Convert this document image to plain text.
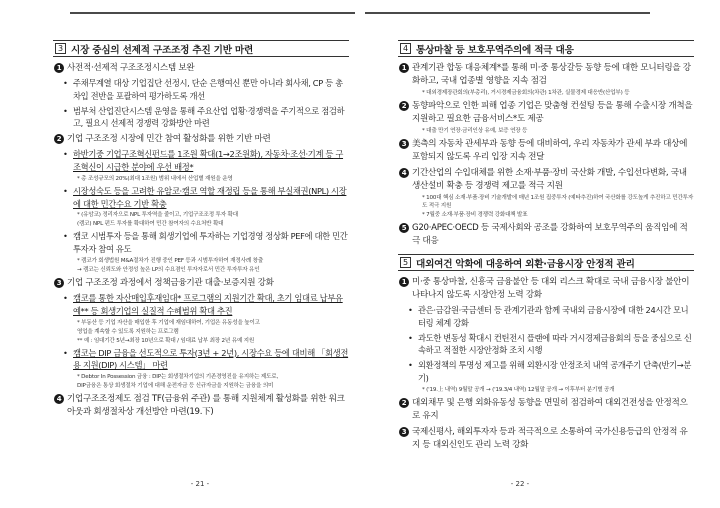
3 시장 중심의 선제적 구조조정 추진 기반 마련
1 사전적·선제적 구조조정시스템 보완
• 주채무계열 대상 기업집단 선정시, 단순 은행여신 뿐만 아니라 회사채, CP 등 총차입 전반을 포괄하여 평가하도록 개선
• 범부처 산업진단시스템 운영을 통해 주요산업 업황·경쟁력을 주기적으로 점검하고, 필요시 선제적 경쟁력 강화방안 마련
2 기업 구조조정 시장에 민간 참여 활성화를 위한 기반 마련
• 하반기중 기업구조혁신펀드를 1조원 확대(1→2조원화), 자동차·조선·기계 등 구조혁신이 시급한 분야에 우선 배정*
* 총 조성규모의 20%(최대 1조원) 범위 내에서 산업별 재원을 운영
• 시장성숙도 등을 고려한 유암코·캠코 역할 재정립 등을 통해 부실채권(NPL) 시장에 대한 민간수요 기반 확충
* (유암코) 정리자으로 NPL 투자역을 줄이고, 기업구조조정 투자 확대
(캠코) NPL 펀드 투자를 확대하여 민간 참여자의 수요처반 확대
• 캠코 시범투자 등을 통해 회생기업에 투자하는 기업경영 정상화 PEF에 대한 민간투자자 참여 유도
* 캠코가 회생법원 M&A절차가 진행 중인 PEF 등과 시범투자하여 재정사례 창출
→ 캠코는 신뢰도와 안정성 높은 LP의 수요겸인 투자자로서 민간 투자투자 유인
3 기업 구조조정 과정에서 정책금융기관 대출·보증지원 강화
• 캠코를 통한 자산매입후재임대* 프로그램의 지원기간 확대, 초기 임대료 납부유예** 등 회생기업의 실질적 수혜범위 확대 추진
* 부동산 등 기업 자산을 매입한 후 기업에 재임대하여, 기업은 유동성을 높이고
영업을 계속할 수 있도록 지원하는 프로그램
** 예 : 임대기간 5년→최장 10년으로 확대 / 임대료 납부 최장 2년 유예 지원
• 캠코는 DIP 금융을 선도적으로 투자(3년 + 2년), 시장수요 등에 대비해 「회생전용 지원(DIP) 시스템」 마련
* Debtor In Possession 금융 : DIP는 회생절차기업의 기존경영진을 유지하는 제도로,
DIP금융은 통상 회생절차 기업에 대해 운전자금 등 신규자금을 지원하는 금융을 의미
4 기업구조조정제도 점검 TF(금융위 주관) 를 통해 지원체계 활성화를 위한 워크아웃과 회생절차상 개선방안 마련(19.下)
- 21 -
4 통상마찰 등 보호무역주의에 적극 대응
1 관계기관 합동 대응체계*를 통해 미·중 통상갈등 동향 등에 대한 모니터링을 강화하고, 국내 업종별 영향을 지속 점검
* 대외경제장관회의(부총리), 거시경제금융회의(차관) 1차관, 실물경제 대응반(산업부) 등
2 동향파악으로 인한 피해 업종 기업은 맞춤형 컨설팅 등을 통해 수출시장 개척을 지원하고 필요한 금융서비스*도 제공
* 대출 만기 연장·금리인상 유예, 보증 연장 등
3 美측의 자동차 관세부과 동향 등에 대비하여, 우리 자동차가 관세 부과 대상에 포함되지 않도록 우리 입장 지속 전달
4 기간산업의 수입대체를 위한 소재·부품·장비 국산화 개발, 수입선다변화, 국내 생산설비 확충 등 경쟁력 제고를 적극 지원
* 100대 핵심 소재·부품·장비 기술개발에 매년 1조원 집중투자 (예타추진)하여 국산화를 강도높게 추진하고 민간투자도 적극 지원
* 7월중 소재·부품·장비 경쟁력 강화대책 발표
5 G20·APEC·OECD 등 국제사회와 공조를 강화하여 보호무역주의 움직임에 적극 대응
5 대외여건 악화에 대응하여 외환·금융시장 안정적 관리
1 미·중 통상마찰, 신흥국 금융불안 등 대외 리스크 확대로 국내 금융시장 불안이 나타나지 않도록 시장안정 노력 강화
• 관은·금감원·국금센터 등 관계기관과 함께 국내외 금융시장에 대한 24시간 모니터링 체계 강화
• 과도한 변동성 확대시 컨틴전시 플랜에 따라 거시경제금융회의 등을 중심으로 신속하고 적절한 시장안정화 조치 시행
• 외환정책의 투명성 제고를 위해 외환시장 안정조치 내역 공개주기 단축(반기→분기)
* ('19.上 내역) 9월말 공개 → ('19.3/4 내역) 12월말 공개 → 이후부터 분기별 공개
2 대외채무 및 은행 외화유동성 동향을 면밀히 점검하여 대외건전성을 안정적으로 유지
3 국제신평사, 해외투자자 등과 적극적으로 소통하여 국가신용등급의 안정적 유지 등 대외신인도 관리 노력 강화
- 22 -
